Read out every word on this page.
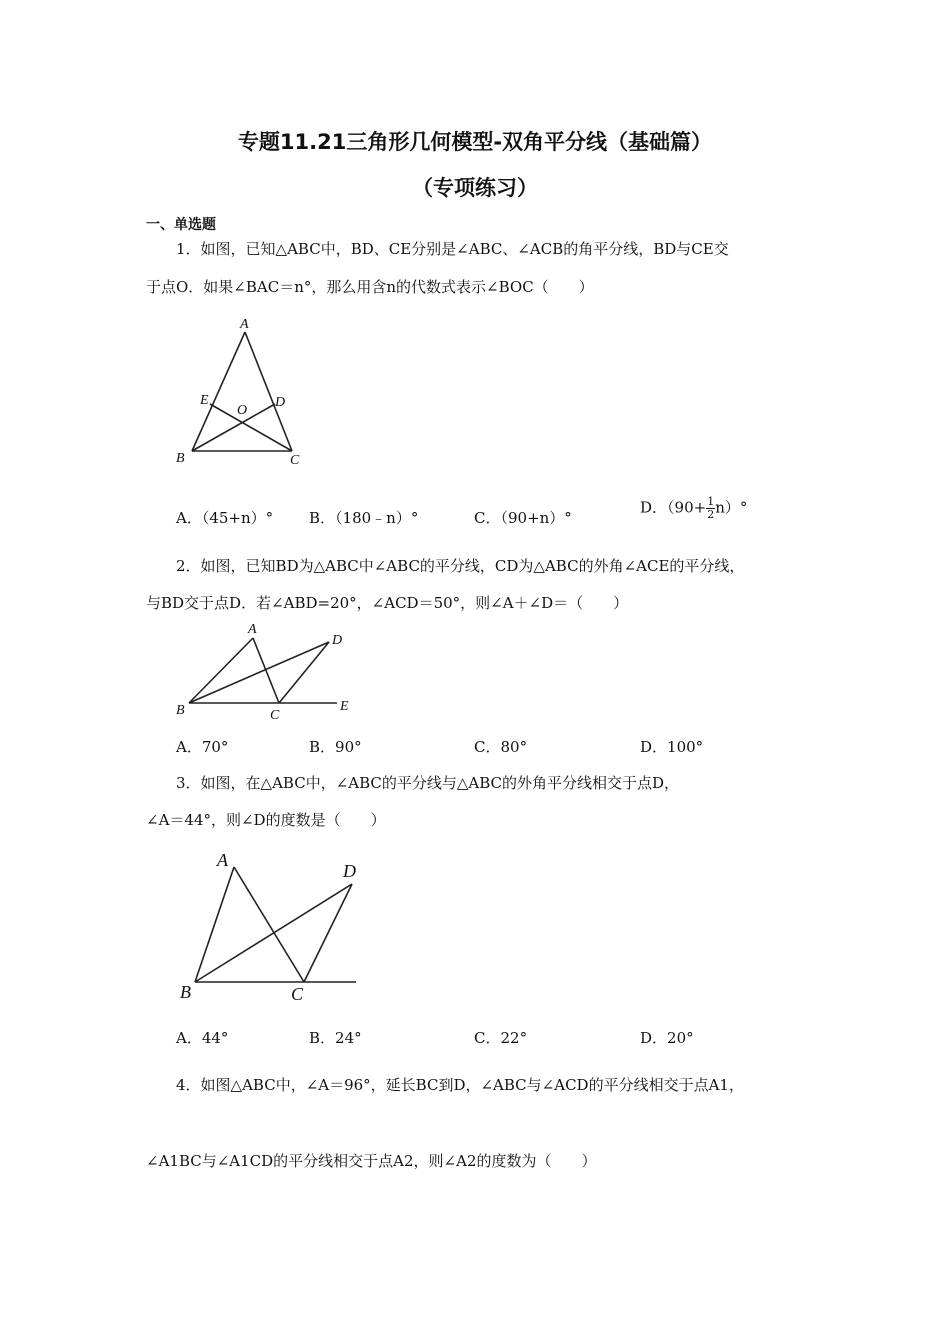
专题11.21三角形几何模型-双角平分线（基础篇）
（专项练习）
一、单选题
1．如图，已知△ABC中，BD、CE分别是∠ABC、∠ACB的角平分线，BD与CE交
于点O．如果∠BAC＝n°，那么用含n的代数式表示∠BOC（　　）
A
E
O
D
B	C
A．（45+n）° B．（180﹣n）°	C．（90+n）°
D．$(90+ \frac{1}{2} n)^\circ$
2．如图，已知BD为△ABC中∠ABC的平分线，CD为△ABC的外角∠ACE的平分线，
与BD交于点D．若∠ABD=20°，∠ACD＝50°，则∠A＋∠D＝（　　）
A
D
B	C
E
A．70°	B．90°	C．80°	D．100°
3．如图，在△ABC中，∠ABC的平分线与△ABC的外角平分线相交于点D，
∠A＝44°，则∠D的度数是（　　）
A
D
B	C
A．44°	B．24°	C．22°	D．20°
4．如图△ABC中，∠A＝96°，延长BC到D，∠ABC与∠ACD的平分线相交于点A1，
∠A1BC与∠A1CD的平分线相交于点A2，则∠A2的度数为（　　）
